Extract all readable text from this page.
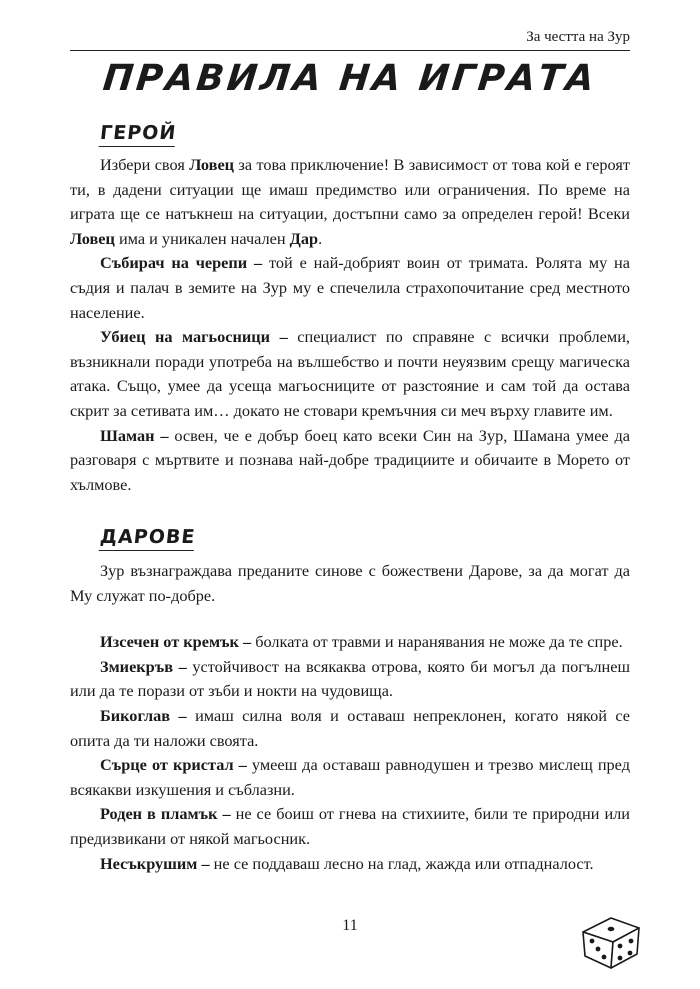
За честта на Зур
ПРАВИЛА НА ИГРАТА
ГЕРОЙ

Избери своя Ловец за това приключение! В зависимост от това кой е героят ти, в дадени ситуации ще имаш предимство или ограничения. По време на играта ще се натъкнеш на ситуации, достъпни само за определен герой! Всеки Ловец има и уникален начален Дар.

Събирач на черепи – той е най-добрият воин от тримата. Ролята му на съдия и палач в земите на Зур му е спечелила страхопочитание сред местното население.

Убиец на магьосници – специалист по справяне с всички проблеми, възникнали поради употреба на вълшебство и почти неуязвим срещу магическа атака. Също, умее да усеща магьосниците от разстояние и сам той да остава скрит за сетивата им… докато не стовари кремъчния си меч върху главите им.

Шаман – освен, че е добър боец като всеки Син на Зур, Шамана умее да разговаря с мъртвите и познава най-добре традициите и обичаите в Морето от хълмове.

ДАРОВЕ

Зур възнаграждава преданите синове с божествени Дарове, за да могат да Му служат по-добре.

Изсечен от кремък – болката от травми и наранявания не може да те спре.

Змиекръв – устойчивост на всякаква отрова, която би могъл да погълнеш или да те порази от зъби и нокти на чудовища.

Бикоглав – имаш силна воля и оставаш непреклонен, когато някой се опита да ти наложи своята.

Сърце от кристал – умееш да оставаш равнодушен и трезво мислещ пред всякакви изкушения и съблазни.

Роден в пламък – не се боиш от гнева на стихиите, били те природни или предизвикани от някой магьосник.

Несъкрушим – не се поддаваш лесно на глад, жажда или отпадналост.

11
